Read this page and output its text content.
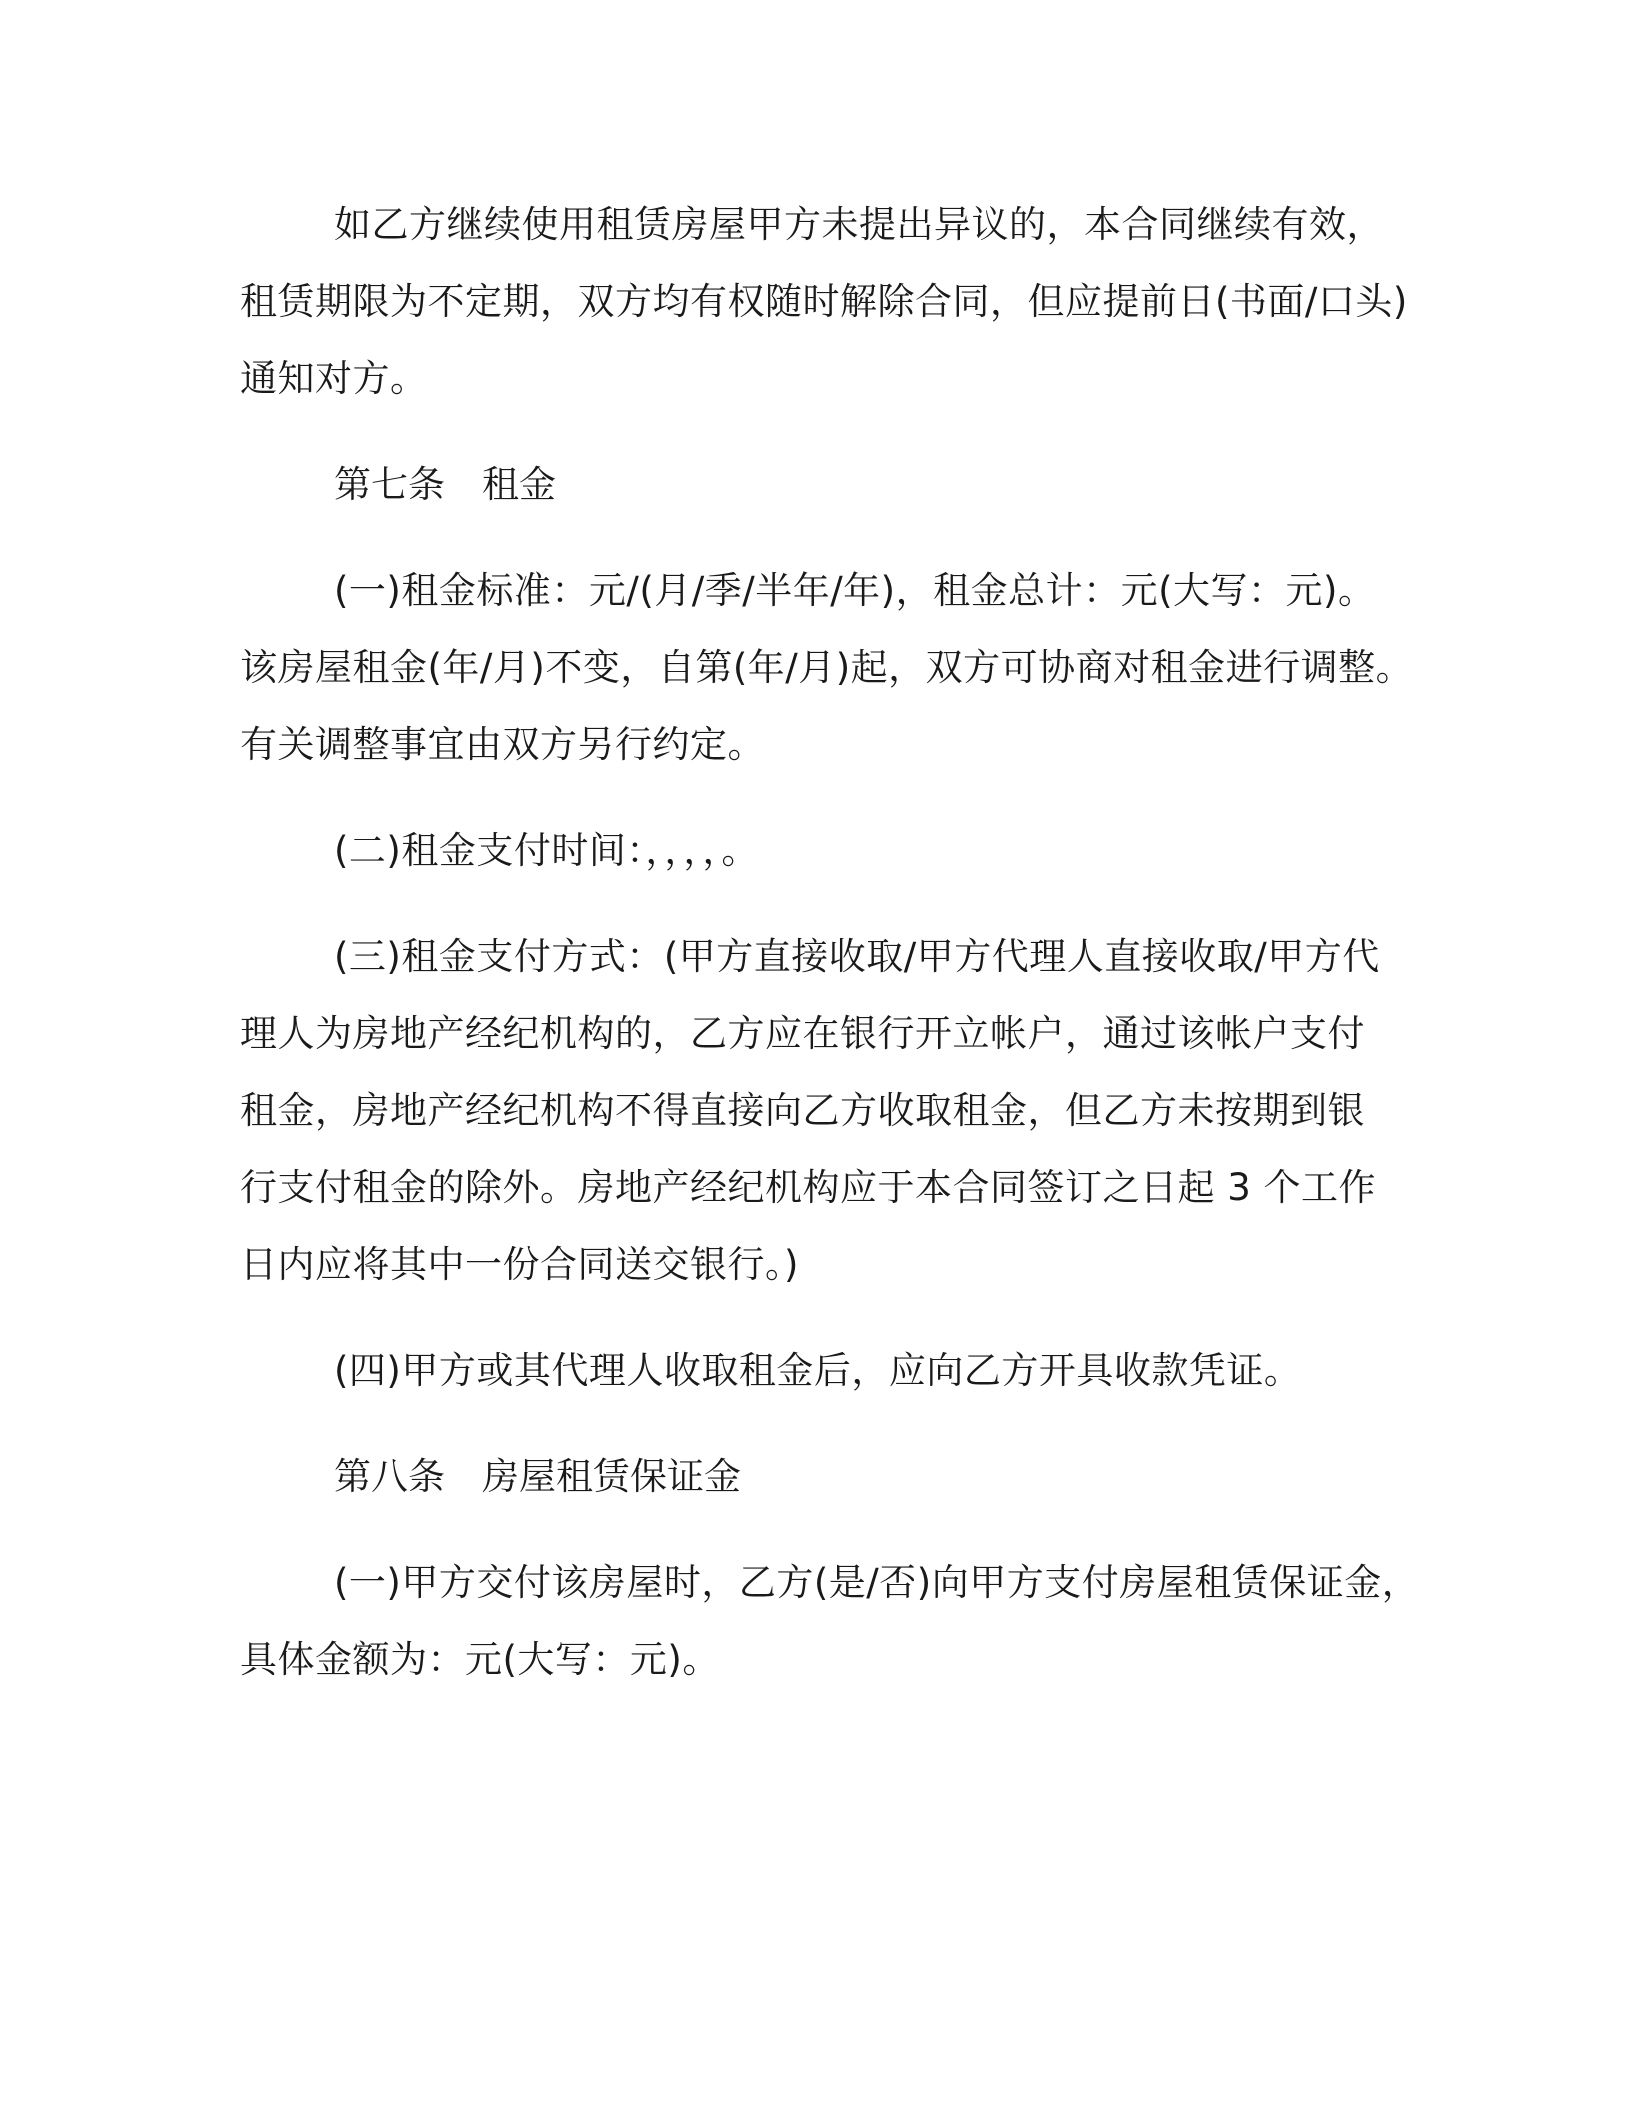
如乙方继续使用租赁房屋甲方未提出异议的，本合同继续有效，
租赁期限为不定期，双方均有权随时解除合同，但应提前日(书面/口头)
通知对方。
第七条　租金
(一)租金标准：元/(月/季/半年/年)，租金总计：元(大写：元)。
该房屋租金(年/月)不变，自第(年/月)起，双方可协商对租金进行调整。
有关调整事宜由双方另行约定。
(二)租金支付时间：，，，，。
(三)租金支付方式：(甲方直接收取/甲方代理人直接收取/甲方代
理人为房地产经纪机构的，乙方应在银行开立帐户，通过该帐户支付
租金，房地产经纪机构不得直接向乙方收取租金，但乙方未按期到银
行支付租金的除外。房地产经纪机构应于本合同签订之日起 3 个工作
日内应将其中一份合同送交银行。)
(四)甲方或其代理人收取租金后，应向乙方开具收款凭证。
第八条　房屋租赁保证金
(一)甲方交付该房屋时，乙方(是/否)向甲方支付房屋租赁保证金，
具体金额为：元(大写：元)。
